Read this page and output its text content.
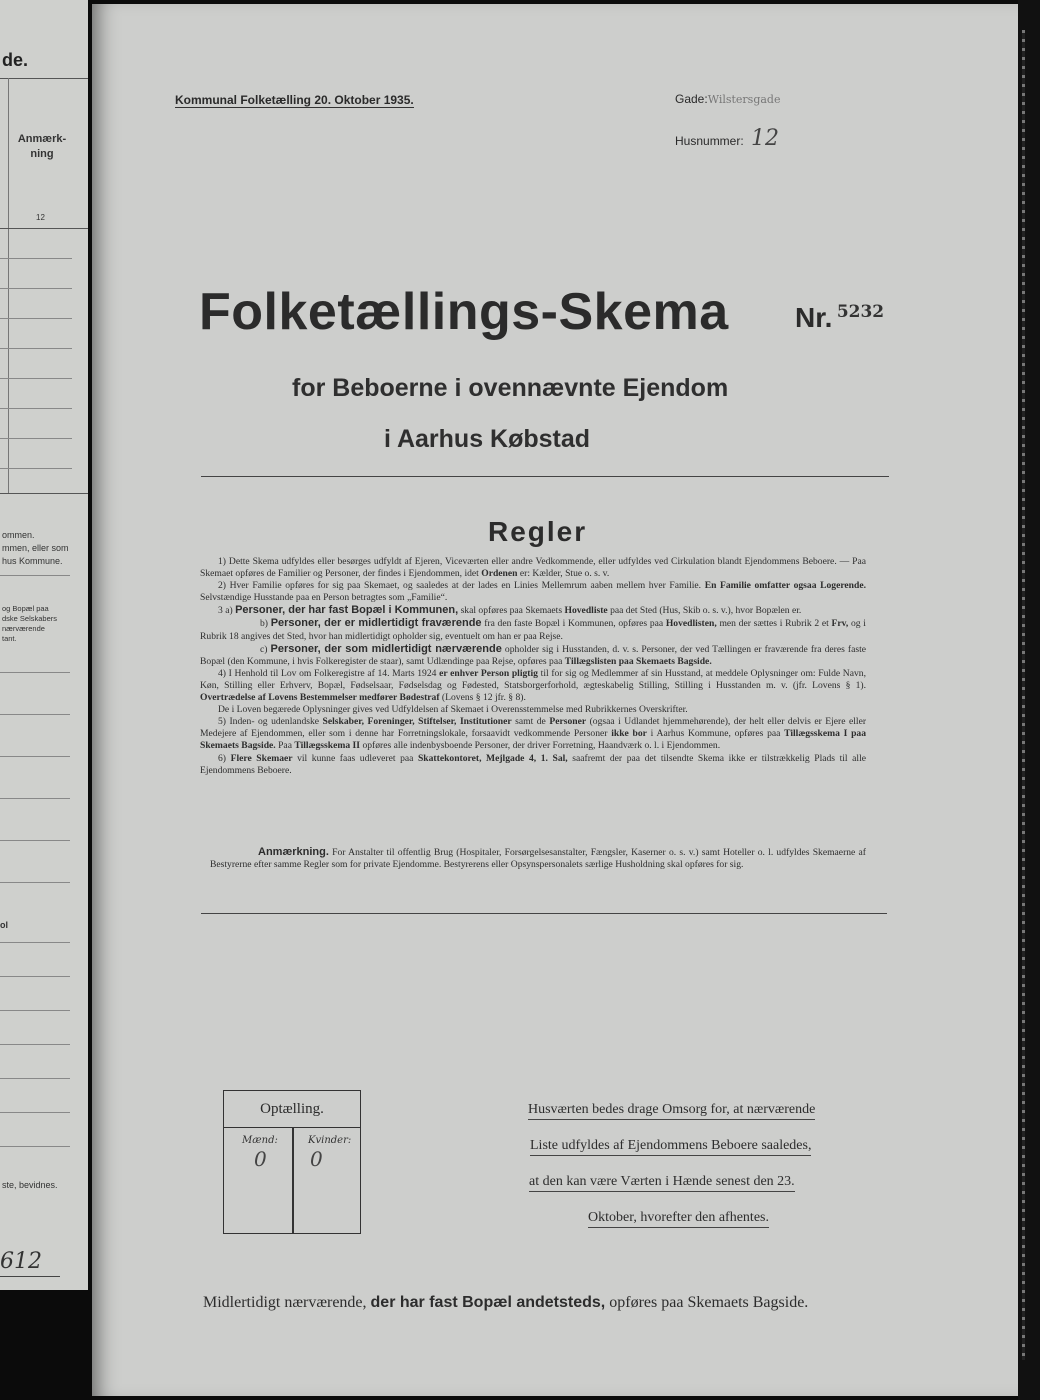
de.
Anmærk-ning
12
ommen.
mmen, eller som
hus Kommune.
og Bopæl paa
dske Selskabers
nærværende
tant.
ol
ste, bevidnes.
612
Kommunal Folketælling 20. Oktober 1935.	Gade:Wilstersgade
Husnummer: 12
Folketællings-Skema Nr. 5232
for Beboerne i ovennævnte Ejendom
i Aarhus Købstad
Regler

1) Dette Skema udfyldes eller besørges udfyldt af Ejeren, Viceværten eller andre Vedkommende, eller udfyldes ved Cirkulation blandt Ejendommens Beboere. — Paa Skemaet opføres de Familier og Personer, der findes i Ejendommen, idet Ordenen er: Kælder, Stue o. s. v.

2) Hver Familie opføres for sig paa Skemaet, og saaledes at der lades en Linies Mellemrum aaben mellem hver Familie. En Familie omfatter ogsaa Logerende. Selvstændige Husstande paa en Person betragtes som „Familie“.

3 a) Personer, der har fast Bopæl i Kommunen, skal opføres paa Skemaets Hovedliste paa det Sted (Hus, Skib o. s. v.), hvor Bopælen er.

b) Personer, der er midlertidigt fraværende fra den faste Bopæl i Kommunen, opføres paa Hovedlisten, men der sættes i Rubrik 2 et Frv, og i Rubrik 18 angives det Sted, hvor han midlertidigt opholder sig, eventuelt om han er paa Rejse.

c) Personer, der som midlertidigt nærværende opholder sig i Husstanden, d. v. s. Personer, der ved Tællingen er fraværende fra deres faste Bopæl (den Kommune, i hvis Folkeregister de staar), samt Udlændinge paa Rejse, opføres paa Tillægslisten paa Skemaets Bagside.

4) I Henhold til Lov om Folkeregistre af 14. Marts 1924 er enhver Person pligtig til for sig og Medlemmer af sin Husstand, at meddele Oplysninger om: Fulde Navn, Køn, Stilling eller Erhverv, Bopæl, Fødselsaar, Fødselsdag og Fødested, Statsborgerforhold, ægteskabelig Stilling, Stilling i Husstanden m. v. (jfr. Lovens § 1). Overtrædelse af Lovens Bestemmelser medfører Bødestraf (Lovens § 12 jfr. § 8).

De i Loven begærede Oplysninger gives ved Udfyldelsen af Skemaet i Overensstemmelse med Rubrikkernes Overskrifter.

5) Inden- og udenlandske Selskaber, Foreninger, Stiftelser, Institutioner samt de Personer (ogsaa i Udlandet hjemmehørende), der helt eller delvis er Ejere eller Medejere af Ejendommen, eller som i denne har Forretningslokale, forsaavidt vedkommende Personer ikke bor i Aarhus Kommune, opføres paa Tillægsskema I paa Skemaets Bagside. Paa Tillægsskema II opføres alle indenbysboende Personer, der driver Forretning, Haandværk o. l. i Ejendommen.

6) Flere Skemaer vil kunne faas udleveret paa Skattekontoret, Mejlgade 4, 1. Sal, saafremt der paa det tilsendte Skema ikke er tilstrækkelig Plads til alle Ejendommens Beboere.

Anmærkning. For Anstalter til offentlig Brug (Hospitaler, Forsørgelsesanstalter, Fængsler, Kaserner o. s. v.) samt Hoteller o. l. udfyldes Skemaerne af Bestyrerne efter samme Regler som for private Ejendomme. Bestyrerens eller Opsynspersonalets særlige Husholdning skal opføres for sig.
Optælling.
Mænd:	Kvinder:
0 0
Husværten bedes drage Omsorg for, at nærværende
Liste udfyldes af Ejendommens Beboere saaledes,
at den kan være Værten i Hænde senest den 23.
Oktober, hvorefter den afhentes.
Midlertidigt nærværende, der har fast Bopæl andetsteds, opføres paa Skemaets Bagside.
